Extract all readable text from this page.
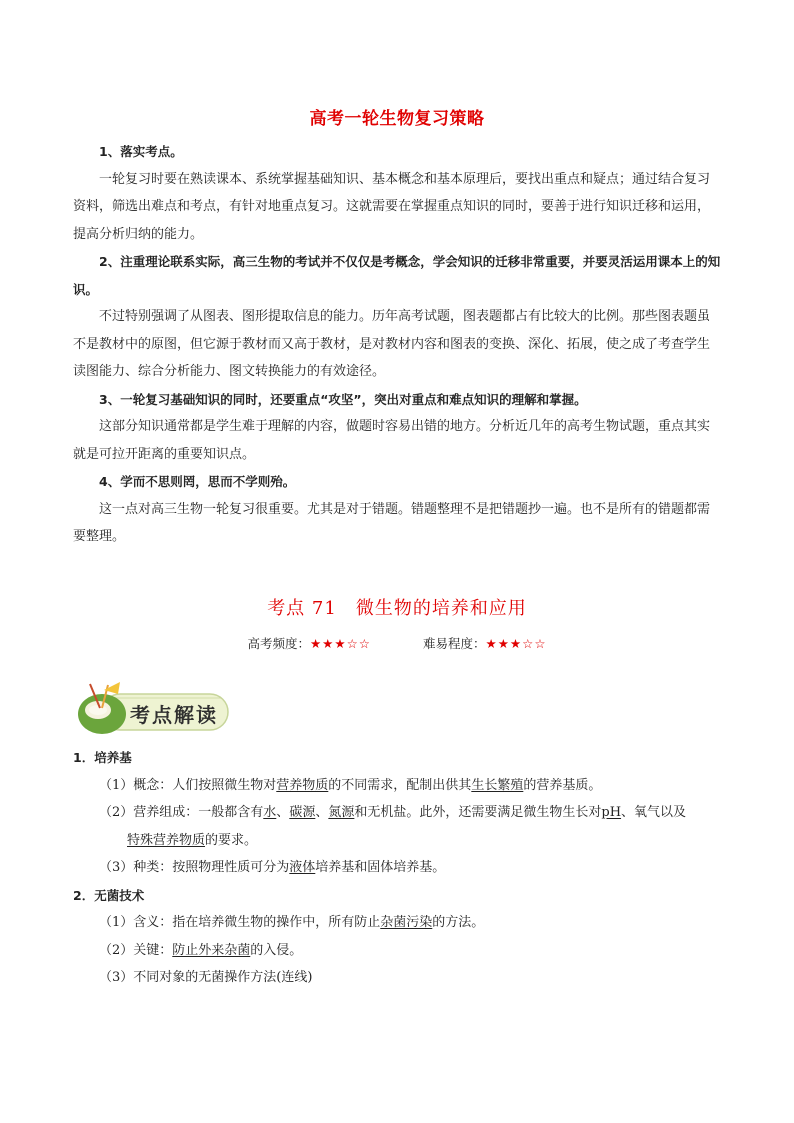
高考一轮生物复习策略

1、落实考点。

一轮复习时要在熟读课本、系统掌握基础知识、基本概念和基本原理后，要找出重点和疑点；通过结合复习资料，筛选出难点和考点，有针对地重点复习。这就需要在掌握重点知识的同时，要善于进行知识迁移和运用，提高分析归纳的能力。

2、注重理论联系实际，高三生物的考试并不仅仅是考概念，学会知识的迁移非常重要，并要灵活运用课本上的知识。

不过特别强调了从图表、图形提取信息的能力。历年高考试题，图表题都占有比较大的比例。那些图表题虽不是教材中的原图，但它源于教材而又高于教材，是对教材内容和图表的变换、深化、拓展，使之成了考查学生读图能力、综合分析能力、图文转换能力的有效途径。

3、一轮复习基础知识的同时，还要重点“攻坚”，突出对重点和难点知识的理解和掌握。

这部分知识通常都是学生难于理解的内容，做题时容易出错的地方。分析近几年的高考生物试题，重点其实就是可拉开距离的重要知识点。

4、学而不思则罔，思而不学则殆。

这一点对高三生物一轮复习很重要。尤其是对于错题。错题整理不是把错题抄一遍。也不是所有的错题都需要整理。

考点 71　微生物的培养和应用
高考频度：★★★☆☆	难易程度：★★★☆☆
考点解读

1．培养基

（1）概念：人们按照微生物对营养物质的不同需求，配制出供其生长繁殖的营养基质。

（2）营养组成：一般都含有水、碳源、氮源和无机盐。此外，还需要满足微生物生长对pH、氧气以及

特殊营养物质的要求。

（3）种类：按照物理性质可分为液体培养基和固体培养基。

2．无菌技术

（1）含义：指在培养微生物的操作中，所有防止杂菌污染的方法。

（2）关键：防止外来杂菌的入侵。

（3）不同对象的无菌操作方法(连线)
